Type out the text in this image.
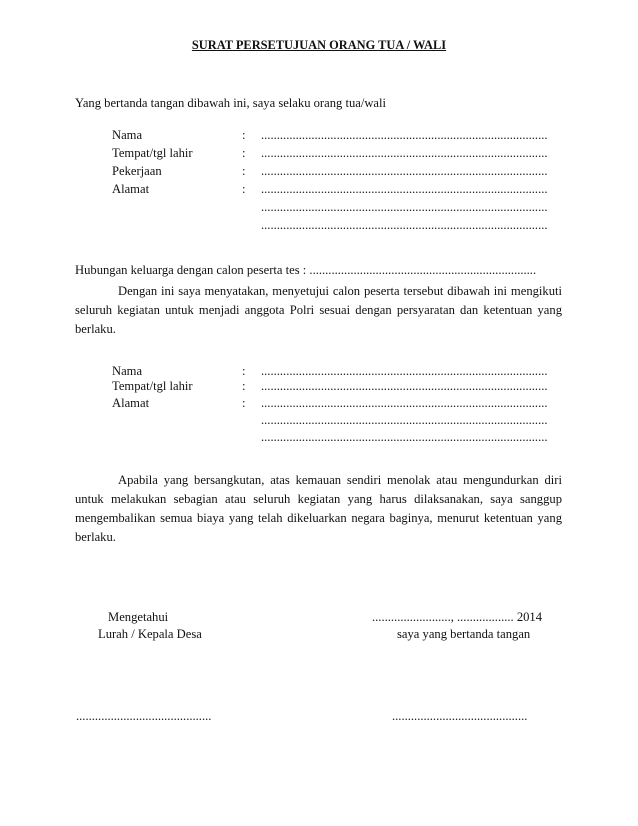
SURAT PERSETUJUAN ORANG TUA / WALI
Yang bertanda tangan dibawah ini, saya selaku orang tua/wali
Nama	: ...........................................................................................
Tempat/tgl lahir	: ...........................................................................................
Pekerjaan	: ...........................................................................................
Alamat	: ...........................................................................................
...........................................................................................
...........................................................................................
Hubungan keluarga dengan calon peserta tes : ........................................................................

Dengan ini saya menyatakan, menyetujui calon peserta tersebut dibawah ini mengikuti seluruh kegiatan untuk menjadi anggota Polri sesuai dengan persyaratan dan ketentuan yang berlaku.

Nama	: ...........................................................................................
Tempat/tgl lahir	: ...........................................................................................
Alamat	: ...........................................................................................
...........................................................................................
...........................................................................................

Apabila yang bersangkutan, atas kemauan sendiri menolak atau mengundurkan diri untuk melakukan sebagian atau seluruh kegiatan yang harus dilaksanakan, saya sanggup mengembalikan semua biaya yang telah dikeluarkan negara baginya, menurut ketentuan yang berlaku.

Mengetahui
Lurah / Kepala Desa
...........................................
........................., .................. 2014
saya yang bertanda tangan
...........................................
